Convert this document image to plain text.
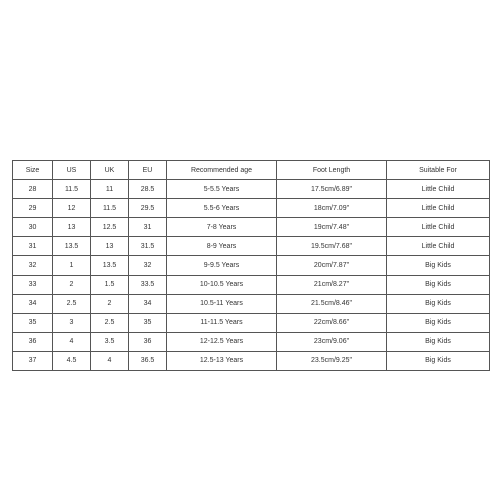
Size	US	UK	EU	Recommended age	Foot Length	Suitable For
28	11.5	11	28.5	5-5.5 Years	17.5cm/6.89"	Little Child
29	12	11.5	29.5	5.5-6 Years	18cm/7.09"	Little Child
30	13	12.5	31	7-8 Years	19cm/7.48"	Little Child
31	13.5	13	31.5	8-9 Years	19.5cm/7.68"	Little Child
32	1	13.5	32	9-9.5 Years	20cm/7.87"	Big Kids
33	2	1.5	33.5	10-10.5 Years	21cm/8.27"	Big Kids
34	2.5	2	34	10.5-11 Years	21.5cm/8.46"	Big Kids
35	3	2.5	35	11-11.5 Years	22cm/8.66"	Big Kids
36	4	3.5	36	12-12.5 Years	23cm/9.06"	Big Kids
37	4.5	4	36.5	12.5-13 Years	23.5cm/9.25"	Big Kids
